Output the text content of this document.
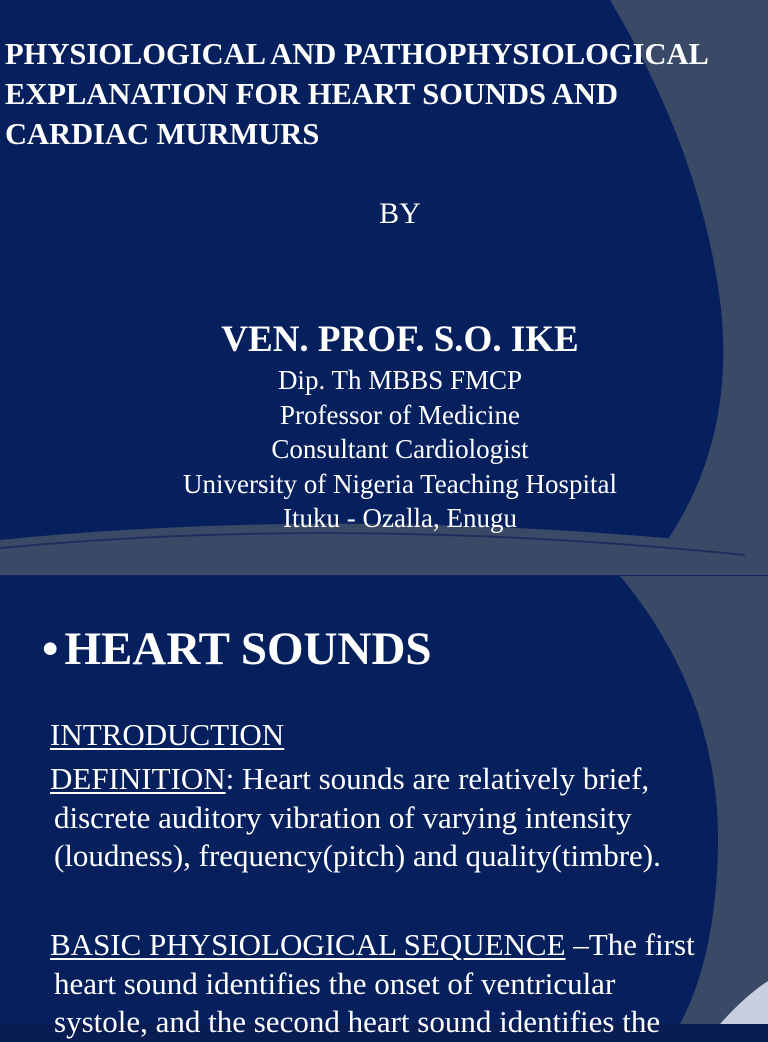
PHYSIOLOGICAL AND PATHOPHYSIOLOGICAL
EXPLANATION FOR HEART SOUNDS AND
CARDIAC MURMURS
BY
VEN. PROF. S.O. IKE
Dip. Th MBBS FMCP
Professor of Medicine
Consultant Cardiologist
University of Nigeria Teaching Hospital
Ituku - Ozalla, Enugu
• HEART SOUNDS
INTRODUCTION
DEFINITION: Heart sounds are relatively brief,
discrete auditory vibration of varying intensity
(loudness), frequency(pitch) and quality(timbre).
BASIC PHYSIOLOGICAL SEQUENCE –The first
heart sound identifies the onset of ventricular
systole, and the second heart sound identifies the
